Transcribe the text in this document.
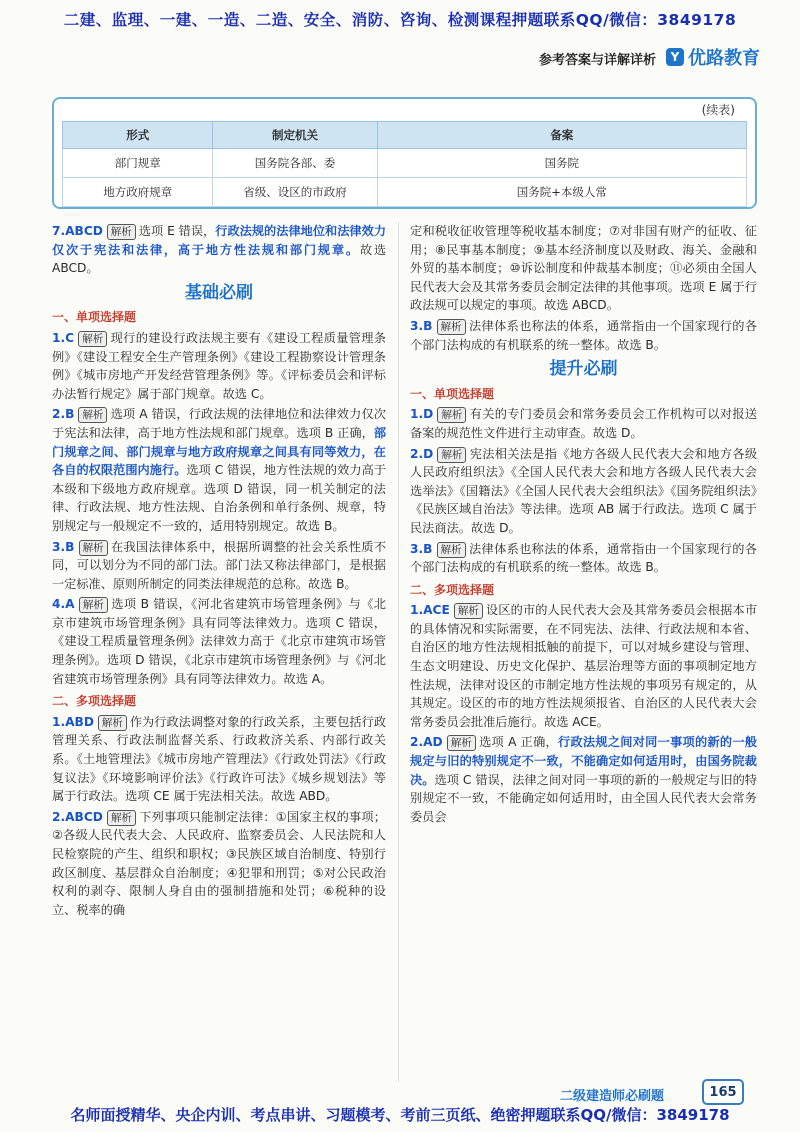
二建、监理、一建、一造、二造、安全、消防、咨询、检测课程押题联系QQ/微信：3849178
参考答案与详解详析	Y 优路教育
(续表)
形式	制定机关	备案
部门规章	国务院各部、委	国务院
地方政府规章	省级、设区的市政府	国务院+本级人常

7.ABCD 解析 选项 E 错误，行政法规的法律地位和法律效力仅次于宪法和法律，高于地方性法规和部门规章。故选 ABCD。

基础必刷
一、单项选择题

1.C 解析 现行的建设行政法规主要有《建设工程质量管理条例》《建设工程安全生产管理条例》《建设工程勘察设计管理条例》《城市房地产开发经营管理条例》等。《评标委员会和评标办法暂行规定》属于部门规章。故选 C。

2.B 解析 选项 A 错误，行政法规的法律地位和法律效力仅次于宪法和法律，高于地方性法规和部门规章。选项 B 正确，部门规章之间、部门规章与地方政府规章之间具有同等效力，在各自的权限范围内施行。选项 C 错误，地方性法规的效力高于本级和下级地方政府规章。选项 D 错误，同一机关制定的法律、行政法规、地方性法规、自治条例和单行条例、规章，特别规定与一般规定不一致的，适用特别规定。故选 B。

3.B 解析 在我国法律体系中，根据所调整的社会关系性质不同，可以划分为不同的部门法。部门法又称法律部门，是根据一定标准、原则所制定的同类法律规范的总称。故选 B。

4.A 解析 选项 B 错误，《河北省建筑市场管理条例》与《北京市建筑市场管理条例》具有同等法律效力。选项 C 错误，《建设工程质量管理条例》法律效力高于《北京市建筑市场管理条例》。选项 D 错误，《北京市建筑市场管理条例》与《河北省建筑市场管理条例》具有同等法律效力。故选 A。

二、多项选择题

1.ABD 解析 作为行政法调整对象的行政关系，主要包括行政管理关系、行政法制监督关系、行政救济关系、内部行政关系。《土地管理法》《城市房地产管理法》《行政处罚法》《行政复议法》《环境影响评价法》《行政许可法》《城乡规划法》等属于行政法。选项 CE 属于宪法相关法。故选 ABD。

2.ABCD 解析 下列事项只能制定法律：①国家主权的事项；②各级人民代表大会、人民政府、监察委员会、人民法院和人民检察院的产生、组织和职权；③民族区域自治制度、特别行政区制度、基层群众自治制度；④犯罪和刑罚；⑤对公民政治权利的剥夺、限制人身自由的强制措施和处罚；⑥税种的设立、税率的确

定和税收征收管理等税收基本制度；⑦对非国有财产的征收、征用；⑧民事基本制度；⑨基本经济制度以及财政、海关、金融和外贸的基本制度；⑩诉讼制度和仲裁基本制度；⑪必须由全国人民代表大会及其常务委员会制定法律的其他事项。选项 E 属于行政法规可以规定的事项。故选 ABCD。

3.B 解析 法律体系也称法的体系，通常指由一个国家现行的各个部门法构成的有机联系的统一整体。故选 B。

提升必刷
一、单项选择题

1.D 解析 有关的专门委员会和常务委员会工作机构可以对报送备案的规范性文件进行主动审查。故选 D。

2.D 解析 宪法相关法是指《地方各级人民代表大会和地方各级人民政府组织法》《全国人民代表大会和地方各级人民代表大会选举法》《国籍法》《全国人民代表大会组织法》《国务院组织法》《民族区域自治法》等法律。选项 AB 属于行政法。选项 C 属于民法商法。故选 D。

3.B 解析 法律体系也称法的体系，通常指由一个国家现行的各个部门法构成的有机联系的统一整体。故选 B。

二、多项选择题

1.ACE 解析 设区的市的人民代表大会及其常务委员会根据本市的具体情况和实际需要，在不同宪法、法律、行政法规和本省、自治区的地方性法规相抵触的前提下，可以对城乡建设与管理、生态文明建设、历史文化保护、基层治理等方面的事项制定地方性法规，法律对设区的市制定地方性法规的事项另有规定的，从其规定。设区的市的地方性法规须报省、自治区的人民代表大会常务委员会批准后施行。故选 ACE。

2.AD 解析 选项 A 正确，行政法规之间对同一事项的新的一般规定与旧的特别规定不一致，不能确定如何适用时，由国务院裁决。选项 C 错误，法律之间对同一事项的新的一般规定与旧的特别规定不一致，不能确定如何适用时，由全国人民代表大会常务委员会

二级建造师必刷题	165
名师面授精华、央企内训、考点串讲、习题模考、考前三页纸、绝密押题联系QQ/微信：3849178
